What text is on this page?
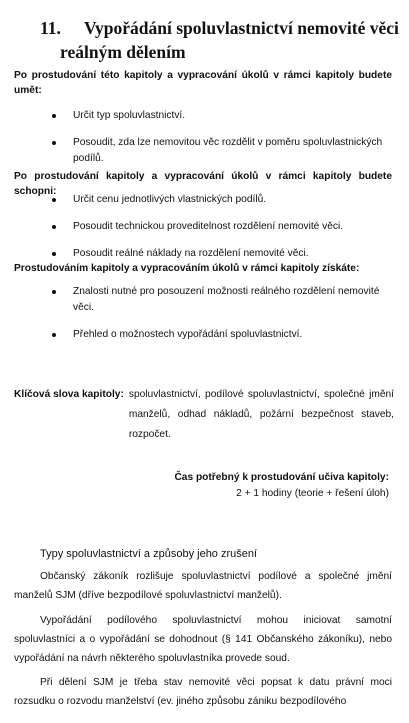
11. Vypořádání spoluvlastnictví nemovité věci
reálným dělením
Po prostudování této kapitoly a vypracování úkolů v rámci kapitoly budete umět:
Určit typ spoluvlastnictví.
Posoudit, zda lze nemovitou věc rozdělit v poměru spoluvlastnických podílů.
Po prostudování kapitoly a vypracování úkolů v rámci kapitoly budete schopni:
Určit cenu jednotlivých vlastnických podílů.
Posoudit technickou proveditelnost rozdělení nemovité věci.
Posoudit reálné náklady na rozdělení nemovité věci.
Prostudováním kapitoly a vypracováním úkolů v rámci kapitoly získáte:
Znalosti nutné pro posouzení možnosti reálného rozdělení nemovité věci.
Přehled o možnostech vypořádání spoluvlastnictví.
Klíčová slova kapitoly: spoluvlastnictví, podílové spoluvlastnictví, společné jmění manželů, odhad nákladů, požární bezpečnost staveb, rozpočet.
Čas potřebný k prostudování učiva kapitoly:
2 + 1 hodiny (teorie + řešení úloh)
Typy spoluvlastnictví a způsoby jeho zrušení
Občanský zákoník rozlišuje spoluvlastnictví podílové a společné jmění manželů SJM (dříve bezpodílové spoluvlastnictví manželů).
Vypořádání podílového spoluvlastnictví mohou iniciovat samotní spoluvlastníci a o vypořádání se dohodnout (§ 141 Občanského zákoníku), nebo vypořádání na návrh některého spoluvlastníka provede soud.
Při dělení SJM je třeba stav nemovité věci popsat k datu právní moci rozsudku o rozvodu manželství (ev. jiného způsobu zániku bezpodílového
